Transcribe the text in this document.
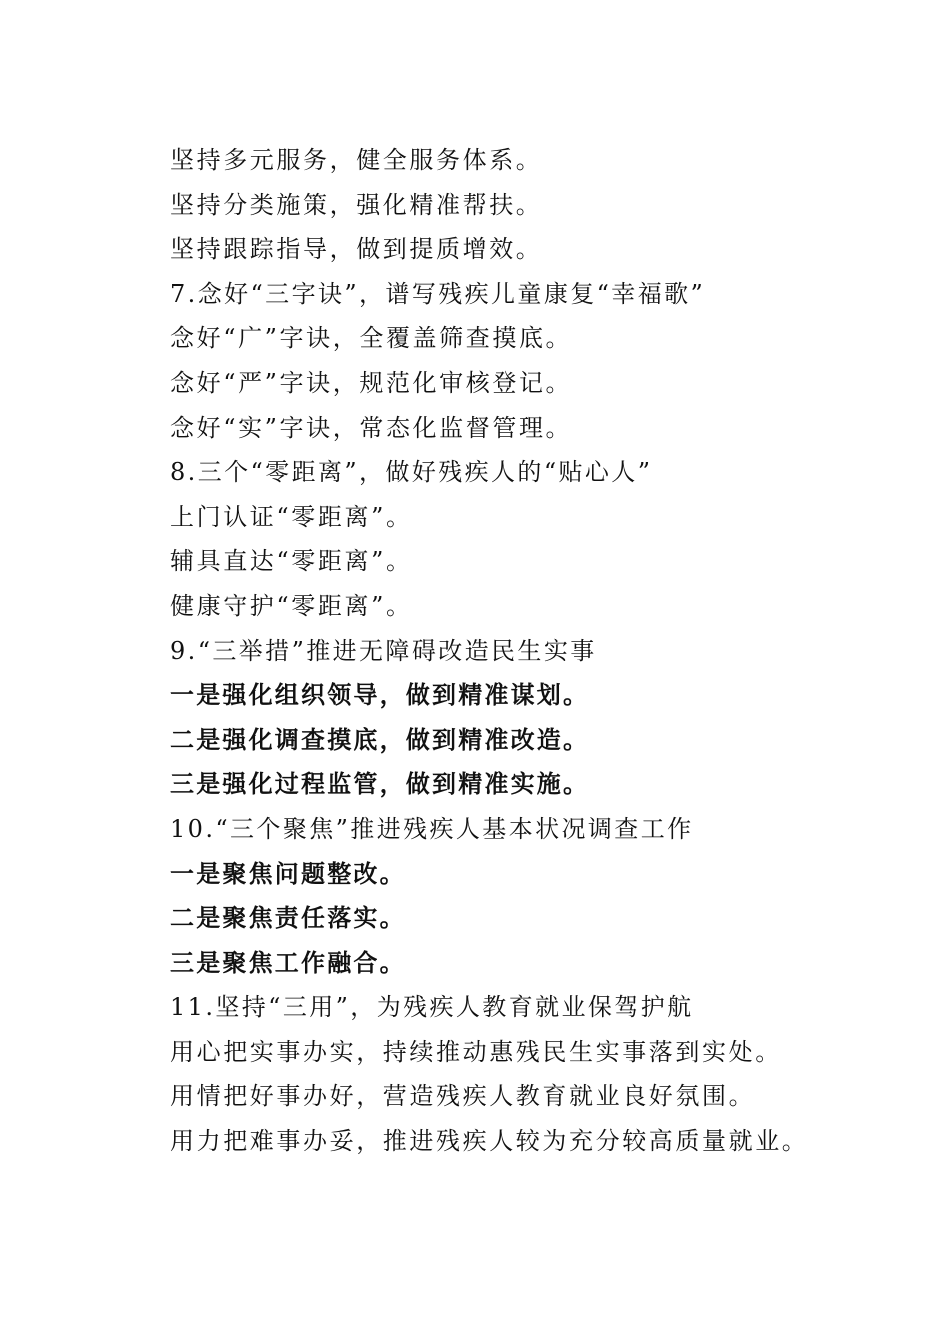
坚持多元服务，健全服务体系。
坚持分类施策，强化精准帮扶。
坚持跟踪指导，做到提质增效。
7.念好“三字诀”，谱写残疾儿童康复“幸福歌”
念好“广”字诀，全覆盖筛查摸底。
念好“严”字诀，规范化审核登记。
念好“实”字诀，常态化监督管理。
8.三个“零距离”，做好残疾人的“贴心人”
上门认证“零距离”。
辅具直达“零距离”。
健康守护“零距离”。
9.“三举措”推进无障碍改造民生实事
一是强化组织领导，做到精准谋划。
二是强化调查摸底，做到精准改造。
三是强化过程监管，做到精准实施。
10.“三个聚焦”推进残疾人基本状况调查工作
一是聚焦问题整改。
二是聚焦责任落实。
三是聚焦工作融合。
11.坚持“三用”，为残疾人教育就业保驾护航
用心把实事办实，持续推动惠残民生实事落到实处。
用情把好事办好，营造残疾人教育就业良好氛围。
用力把难事办妥，推进残疾人较为充分较高质量就业。
